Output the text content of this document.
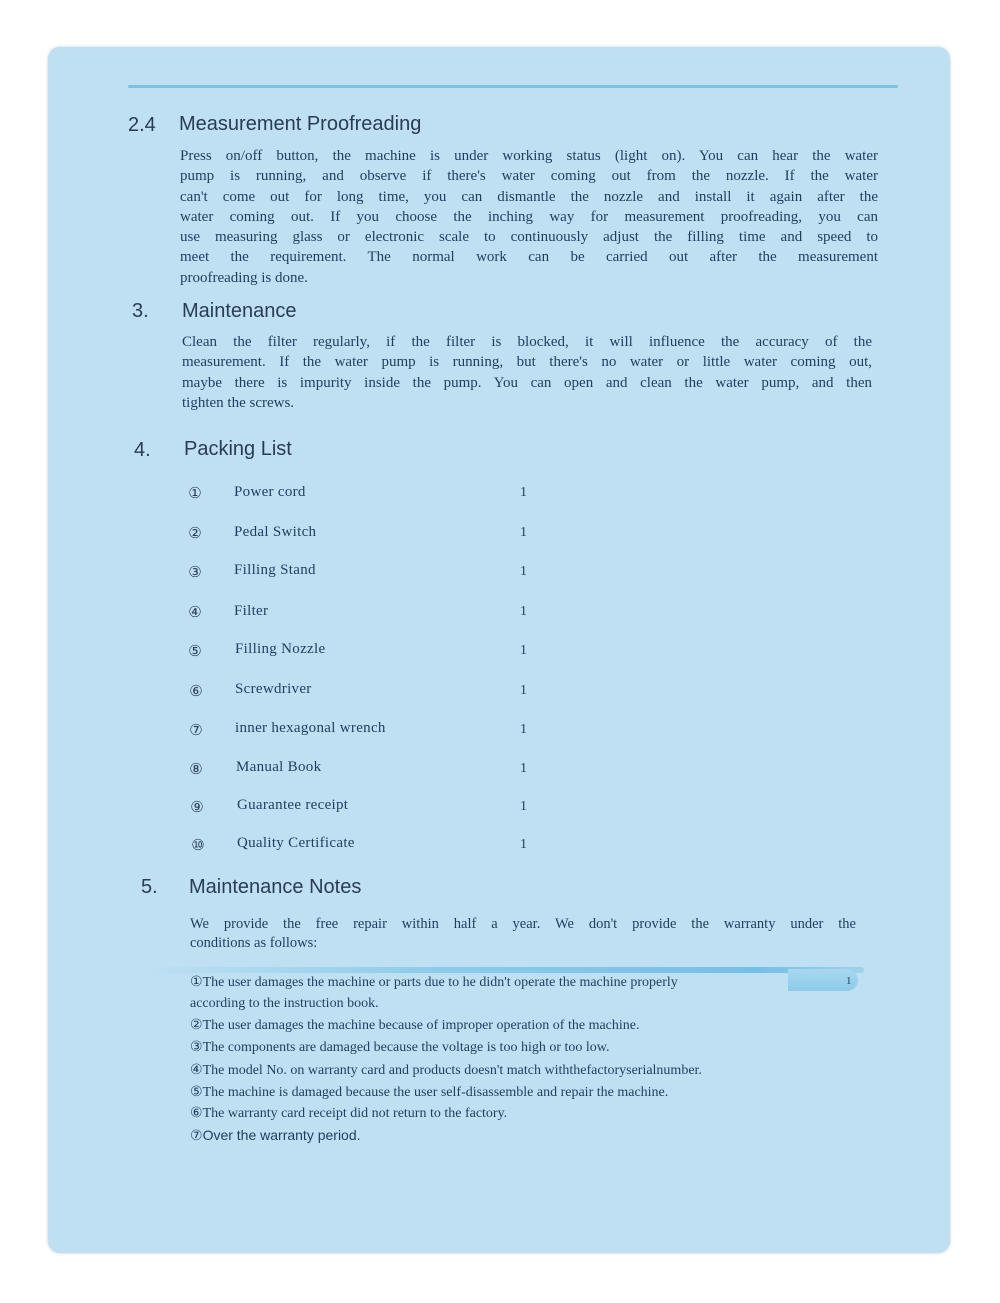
2.4 Measurement Proofreading
Press on/off button, the machine is under working status (light on). You can hear the water
pump is running, and observe if there's water coming out from the nozzle. If the water
can't come out for long time, you can dismantle the nozzle and install it again after the
water coming out. If you choose the inching way for measurement proofreading, you can
use measuring glass or electronic scale to continuously adjust the filling time and speed to
meet the requirement. The normal work can be carried out after the measurement
proofreading is done.
3. Maintenance
Clean the filter regularly, if the filter is blocked, it will influence the accuracy of the
measurement. If the water pump is running, but there's no water or little water coming out,
maybe there is impurity inside the pump. You can open and clean the water pump, and then
tighten the screws.
4. Packing List
① Power cord	1
② Pedal Switch	1
③ Filling Stand	1
④ Filter	1
⑤ Filling Nozzle	1
⑥ Screwdriver	1
⑦ inner hexagonal wrench	1
⑧ Manual Book	1
⑨ Guarantee receipt	1
⑩ Quality Certificate	1
5. Maintenance Notes
We provide the free repair within half a year. We don't provide the warranty under the
conditions as follows:
①The user damages the machine or parts due to he didn't operate the machine properly
according to the instruction book.
②The user damages the machine because of improper operation of the machine.
③The components are damaged because the voltage is too high or too low.
④The model No. on warranty card and products doesn't match withthefactoryserialnumber.
⑤The machine is damaged because the user self-disassemble and repair the machine.
⑥The warranty card receipt did not return to the factory.
⑦Over the warranty period.
1
